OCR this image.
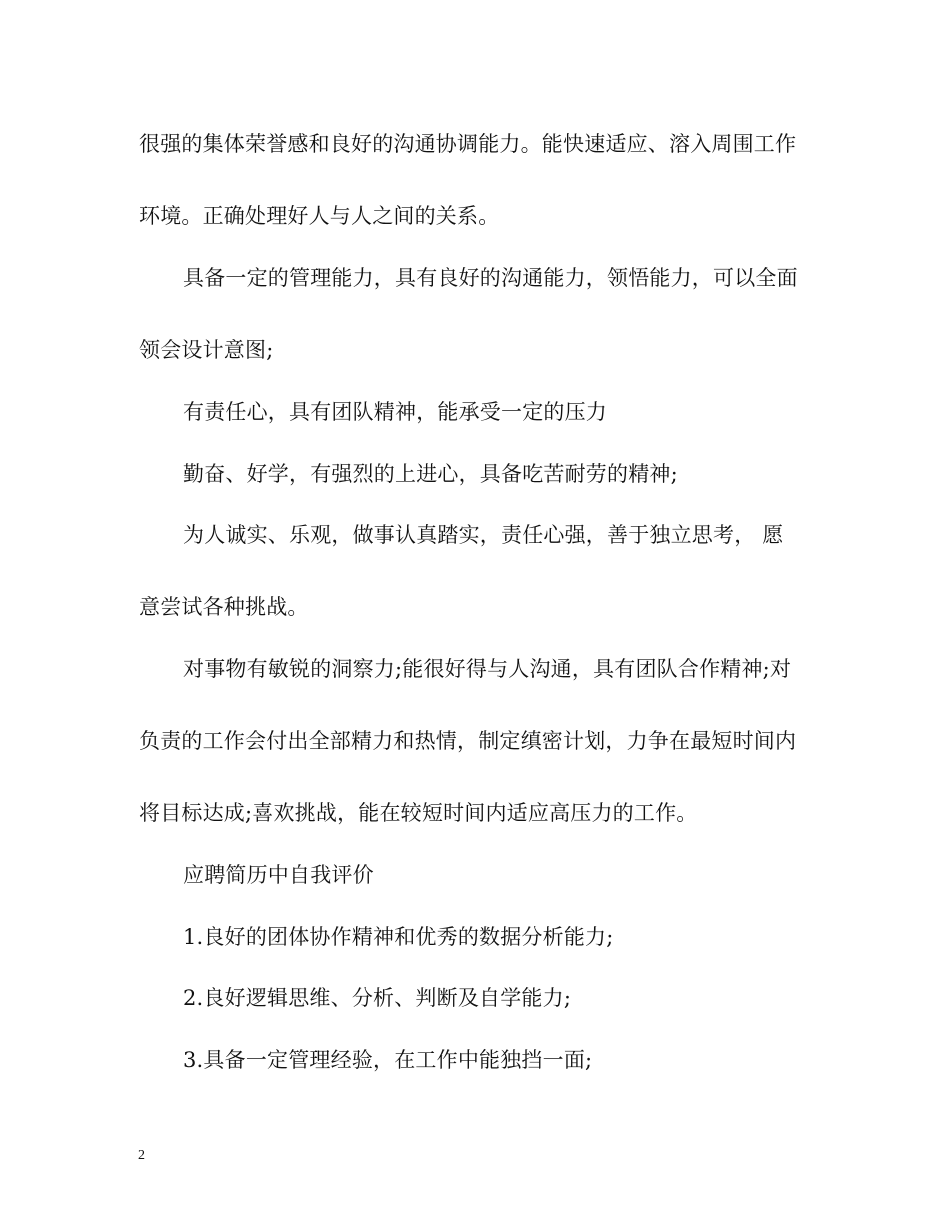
很强的集体荣誉感和良好的沟通协调能力。能快速适应、溶入周围工作
环境。正确处理好人与人之间的关系。
具备一定的管理能力，具有良好的沟通能力，领悟能力，可以全面
领会设计意图;
有责任心，具有团队精神，能承受一定的压力
勤奋、好学，有强烈的上进心，具备吃苦耐劳的精神;
为人诚实、乐观，做事认真踏实，责任心强，善于独立思考， 愿
意尝试各种挑战。
对事物有敏锐的洞察力;能很好得与人沟通，具有团队合作精神;对
负责的工作会付出全部精力和热情，制定缜密计划，力争在最短时间内
将目标达成;喜欢挑战，能在较短时间内适应高压力的工作。
应聘简历中自我评价
1.良好的团体协作精神和优秀的数据分析能力;
2.良好逻辑思维、分析、判断及自学能力;
3.具备一定管理经验，在工作中能独挡一面;
2
